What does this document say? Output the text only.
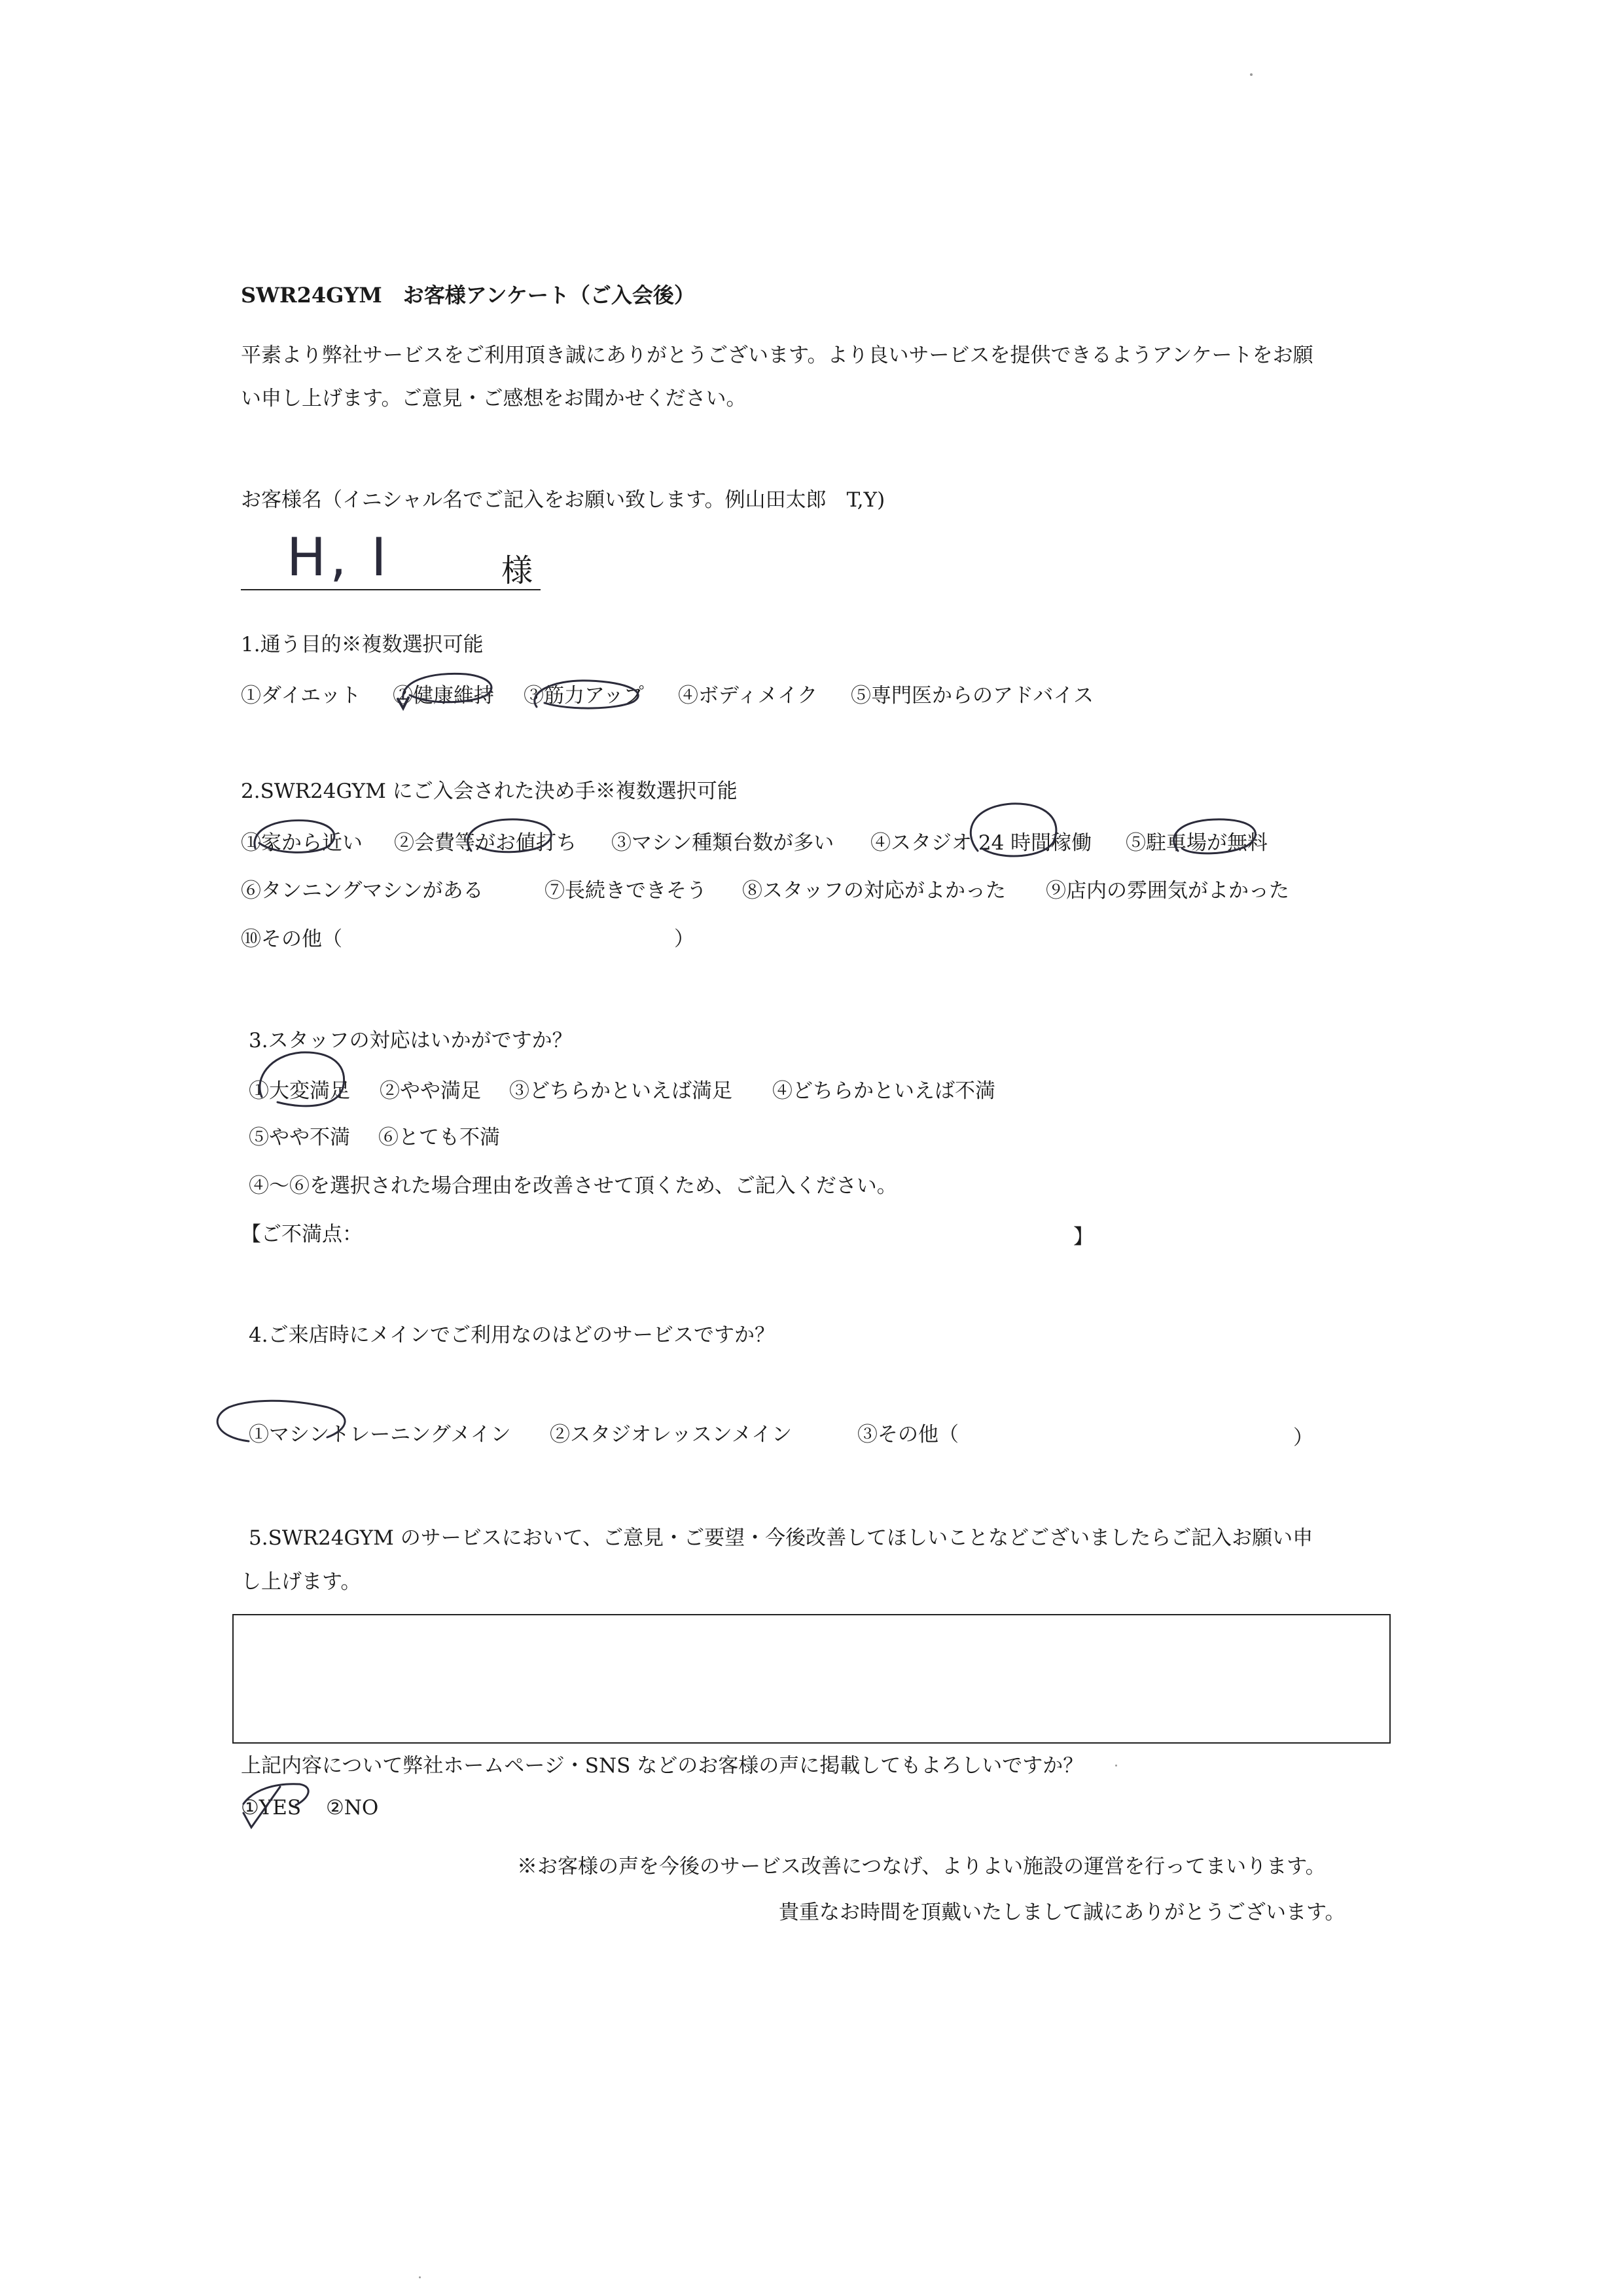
SWR24GYM　お客様アンケート（ご入会後）
平素より弊社サービスをご利用頂き誠にありがとうございます。より良いサービスを提供できるようアンケートをお願
い申し上げます。ご意見・ご感想をお聞かせください。
お客様名（イニシャル名でご記入をお願い致します。例山田太郎　T,Y)
H, I	様
1.通う目的※複数選択可能
①ダイエット ②健康維持 ③筋力アップ ④ボディメイク ⑤専門医からのアドバイス
2.SWR24GYM にご入会された決め手※複数選択可能
①家から近い ②会費等がお値打ち ③マシン種類台数が多い ④スタジオ 24 時間稼働 ⑤駐車場が無料
⑥タンニングマシンがある	⑦長続きできそう ⑧スタッフの対応がよかった ⑨店内の雰囲気がよかった
⑩その他（	）
3.スタッフの対応はいかがですか？
①大変満足 ②やや満足 ③どちらかといえば満足 ④どちらかといえば不満
⑤やや不満 ⑥とても不満
④～⑥を選択された場合理由を改善させて頂くため、ご記入ください。
【ご不満点：	】
4.ご来店時にメインでご利用なのはどのサービスですか？
①マシントレーニングメイン ②スタジオレッスンメイン	③その他（	）
5.SWR24GYM のサービスにおいて、ご意見・ご要望・今後改善してほしいことなどございましたらご記入お願い申
し上げます。
上記内容について弊社ホームページ・SNS などのお客様の声に掲載してもよろしいですか？
①YES ②NO
※お客様の声を今後のサービス改善につなげ、よりよい施設の運営を行ってまいります。
貴重なお時間を頂戴いたしまして誠にありがとうございます。
